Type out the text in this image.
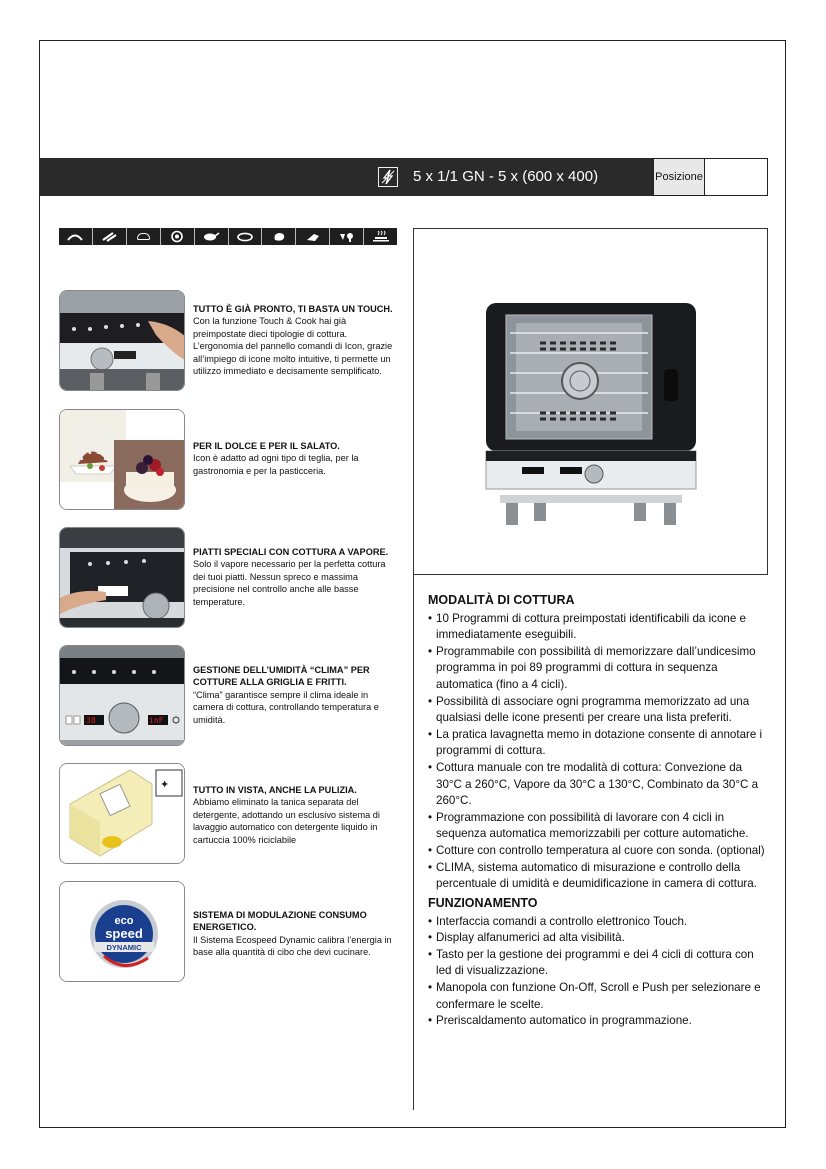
5 x 1/1 GN - 5 x (600 x 400)	Posizione
TUTTO È GIÀ PRONTO, TI BASTA UN TOUCH.
Con la funzione Touch & Cook hai già preimpostate dieci tipologie di cottura. L’ergonomia del pannello comandi di Icon, grazie all’impiego di icone molto intuitive, ti permette un utilizzo immediato e decisamente semplificato.
PER IL DOLCE E PER IL SALATO.
Icon è adatto ad ogni tipo di teglia, per la gastronomia e per la pasticceria.
PIATTI SPECIALI CON COTTURA A VAPORE.
Solo il vapore necessario per la perfetta cottura dei tuoi piatti. Nessun spreco e massima precisione nel controllo anche alle basse temperature.
38	inF
GESTIONE DELL’UMIDITÀ “CLIMA” PER COTTURE ALLA GRIGLIA E FRITTI.
“Clima” garantisce sempre il clima ideale in camera di cottura, controllando temperatura e umidità.
✦	TUTTO IN VISTA, ANCHE LA PULIZIA.
Abbiamo eliminato la tanica separata del detergente, adottando un esclusivo sistema di lavaggio automatico con detergente liquido in cartuccia 100% riciclabile
eco
speed
DYNAMIC
SISTEMA DI MODULAZIONE CONSUMO ENERGETICO.
Il Sistema Ecospeed Dynamic calibra l’energia in base alla quantità di cibo che devi cucinare.
MODALITÀ DI COTTURA
• 10 Programmi di cottura preimpostati identificabili da icone e immediatamente eseguibili.
• Programmabile con possibilità di memorizzare dall’undicesimo programma in poi 89 programmi di cottura in sequenza automatica (fino a 4 cicli).
• Possibilità di associare ogni programma memorizzato ad una qualsiasi delle icone presenti per creare una lista preferiti.
• La pratica lavagnetta memo in dotazione consente di annotare i programmi di cottura.
• Cottura manuale con tre modalità di cottura: Convezione da 30°C a 260°C, Vapore da 30°C a 130°C, Combinato da 30°C a 260°C.
• Programmazione con possibilità di lavorare con 4 cicli in sequenza automatica memorizzabili per cotture automatiche.
• Cotture con controllo temperatura al cuore con sonda. (optional)
• CLIMA, sistema automatico di misurazione e controllo della percentuale di umidità e deumidificazione in camera di cottura.
FUNZIONAMENTO
• Interfaccia comandi a controllo elettronico Touch.
• Display alfanumerici ad alta visibilità.
• Tasto per la gestione dei programmi e dei 4 cicli di cottura con led di visualizzazione.
• Manopola con funzione On-Off, Scroll e Push per selezionare e confermare le scelte.
• Preriscaldamento automatico in programmazione.
